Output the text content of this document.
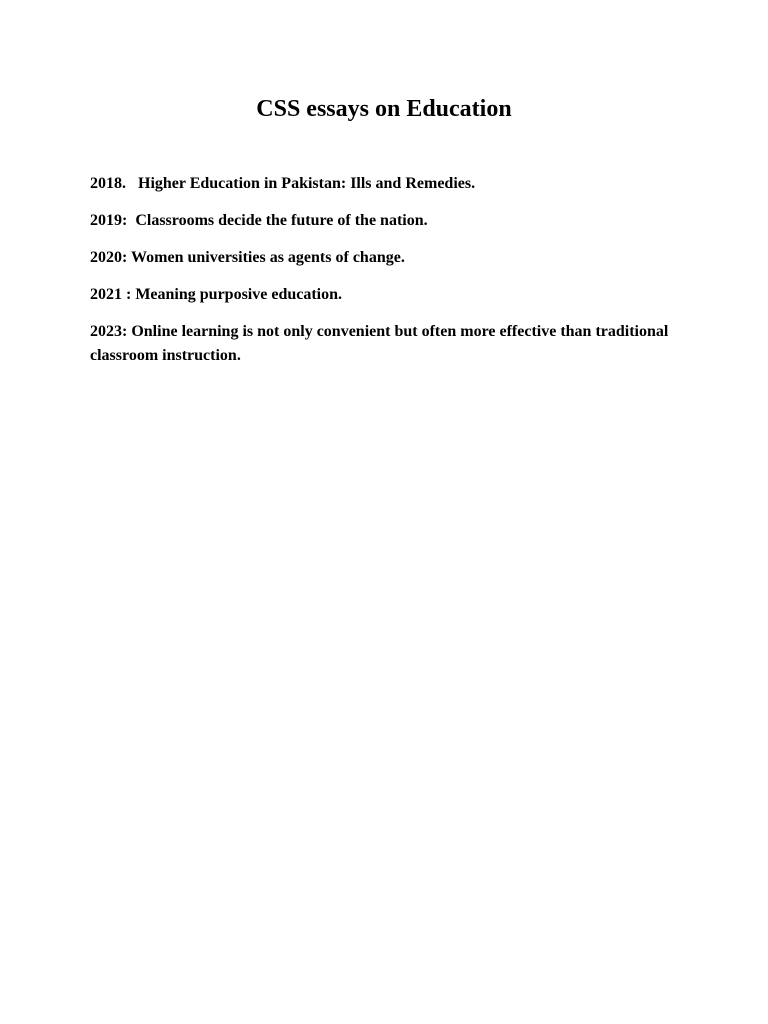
CSS essays on Education
2018.   Higher Education in Pakistan: Ills and Remedies.
2019:  Classrooms decide the future of the nation.
2020: Women universities as agents of change.
2021 : Meaning purposive education.
2023: Online learning is not only convenient but often more effective than traditional classroom instruction.
